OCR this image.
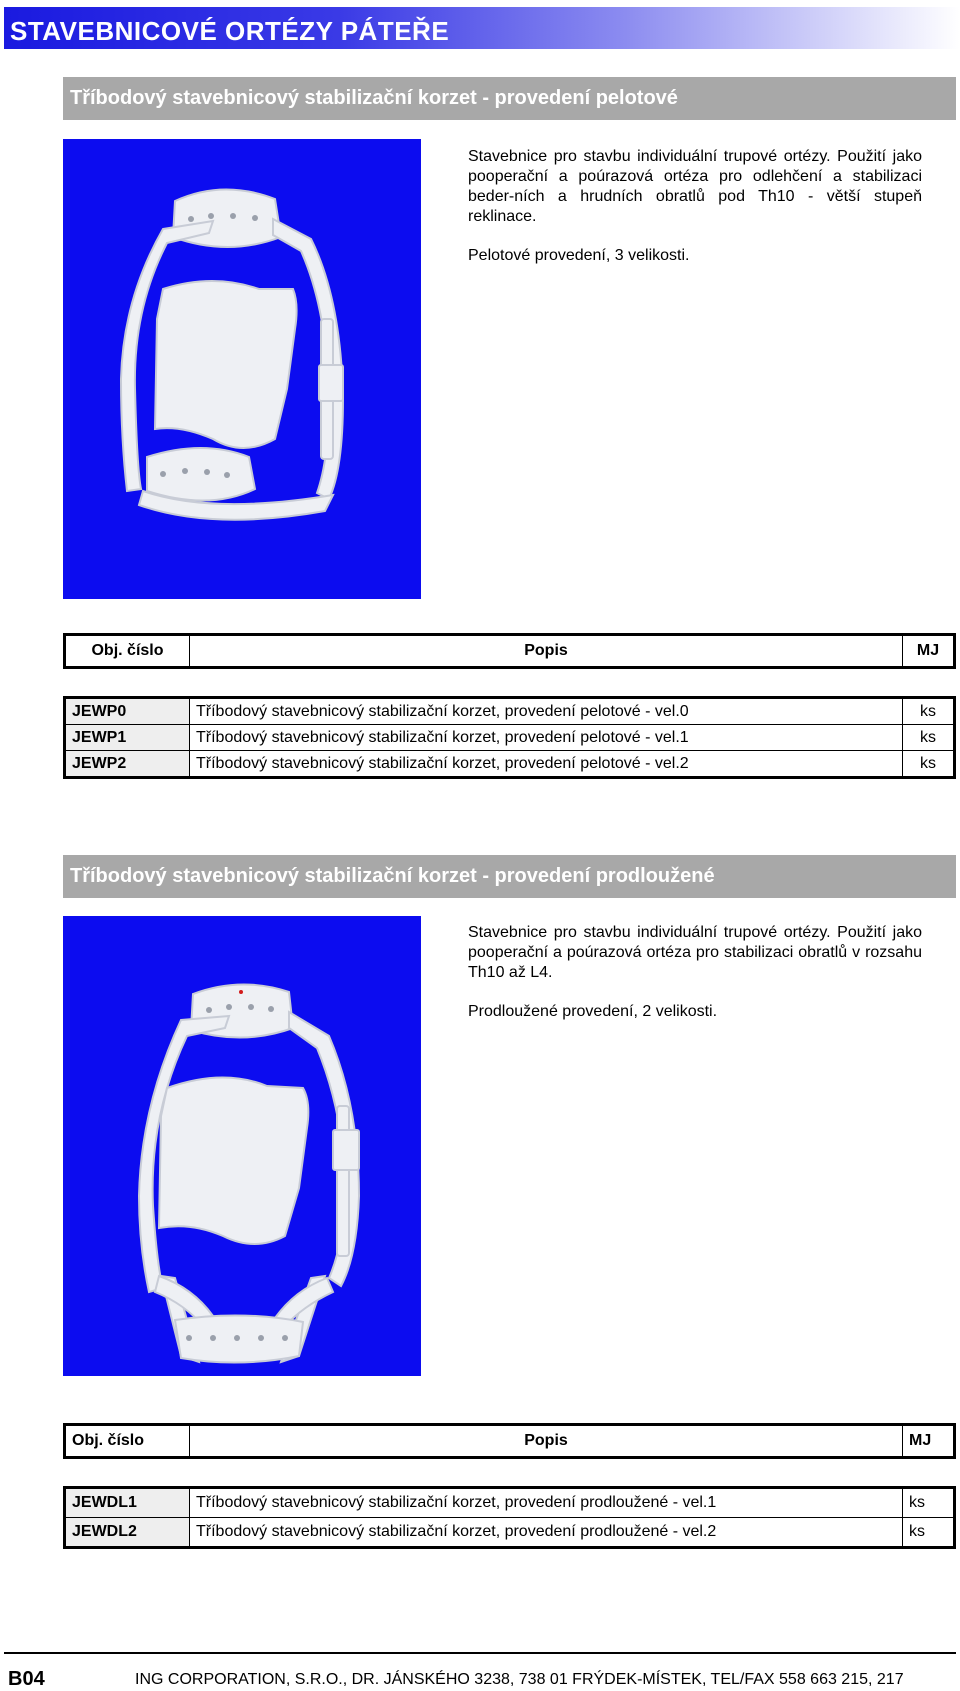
STAVEBNICOVÉ ORTÉZY PÁTEŘE
Tříbodový stavebnicový stabilizační korzet - provedení pelotové

Stavebnice pro stavbu individuální trupové ortézy. Použití jako pooperační a poúrazová ortéza pro odlehčení a stabilizaci beder-ních a hrudních obratlů pod Th10 - větší stupeň reklinace.

Pelotové provedení, 3 velikosti.

Obj. číslo	Popis	MJ
JEWP0	Tříbodový stavebnicový stabilizační korzet, provedení pelotové - vel.0	ks
JEWP1	Tříbodový stavebnicový stabilizační korzet, provedení pelotové - vel.1	ks
JEWP2	Tříbodový stavebnicový stabilizační korzet, provedení pelotové - vel.2	ks
Tříbodový stavebnicový stabilizační korzet - provedení prodloužené

Stavebnice pro stavbu individuální trupové ortézy. Použití jako pooperační a poúrazová ortéza pro stabilizaci obratlů v rozsahu Th10 až L4.

Prodloužené provedení, 2 velikosti.

Obj. číslo	Popis	MJ
JEWDL1	Tříbodový stavebnicový stabilizační korzet, provedení prodloužené - vel.1	ks
JEWDL2	Tříbodový stavebnicový stabilizační korzet, provedení prodloužené - vel.2	ks
B04	ING CORPORATION, S.R.O., DR. JÁNSKÉHO 3238, 738 01 FRÝDEK-MÍSTEK, TEL/FAX 558 663 215, 217
